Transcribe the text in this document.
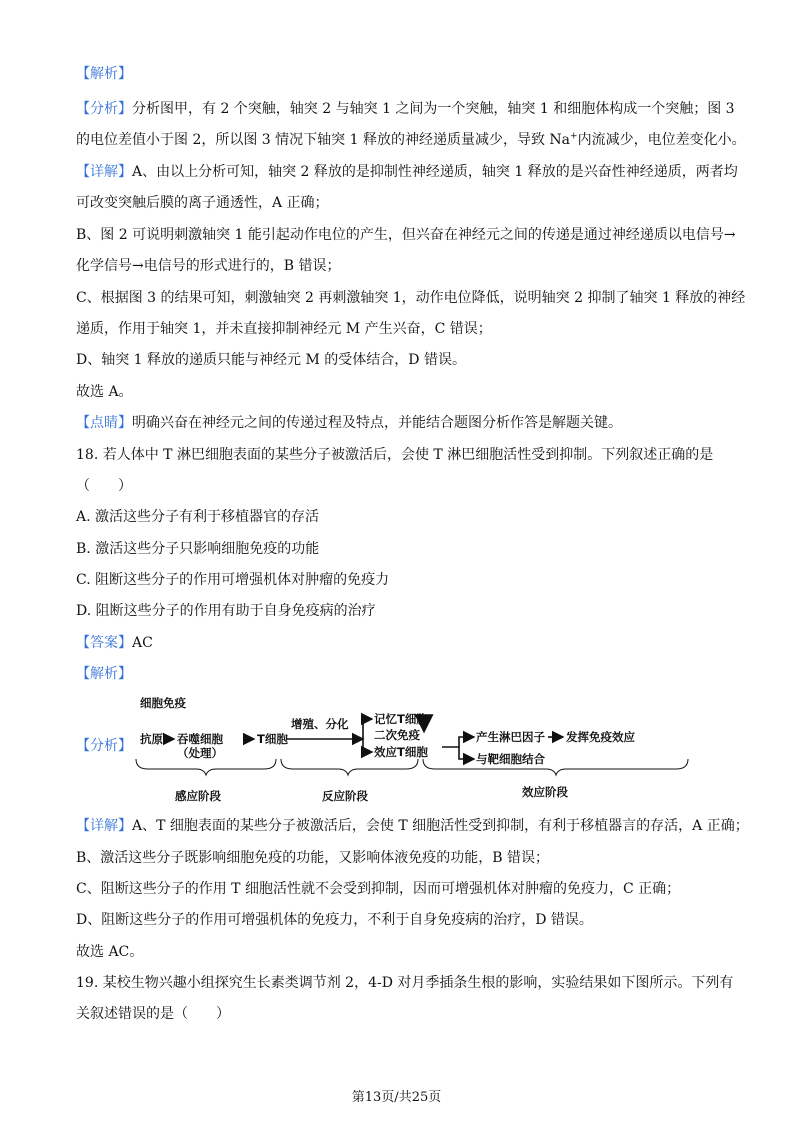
【解析】
【分析】分析图甲，有 2 个突触，轴突 2 与轴突 1 之间为一个突触，轴突 1 和细胞体构成一个突触；图 3
的电位差值小于图 2，所以图 3 情况下轴突 1 释放的神经递质量减少，导致 Na+内流减少，电位差变化小。
【详解】A、由以上分析可知，轴突 2 释放的是抑制性神经递质，轴突 1 释放的是兴奋性神经递质，两者均
可改变突触后膜的离子通透性，A 正确；
B、图 2 可说明刺激轴突 1 能引起动作电位的产生，但兴奋在神经元之间的传递是通过神经递质以电信号→
化学信号→电信号的形式进行的，B 错误；
C、根据图 3 的结果可知，刺激轴突 2 再刺激轴突 1，动作电位降低，说明轴突 2 抑制了轴突 1 释放的神经
递质，作用于轴突 1，并未直接抑制神经元 M 产生兴奋，C 错误；
D、轴突 1 释放的递质只能与神经元 M 的受体结合，D 错误。
故选 A。
【点睛】明确兴奋在神经元之间的传递过程及特点，并能结合题图分析作答是解题关键。
18. 若人体中 T 淋巴细胞表面的某些分子被激活后，会使 T 淋巴细胞活性受到抑制。下列叙述正确的是
（　　）
A. 激活这些分子有利于移植器官的存活
B. 激活这些分子只影响细胞免疫的功能
C. 阻断这些分子的作用可增强机体对肿瘤的免疫力
D. 阻断这些分子的作用有助于自身免疫病的治疗
【答案】AC
【解析】
【分析】
细胞免疫
抗原 吞噬细胞
（处理）
T细胞
增殖、分化 记忆T细胞
二次免疫
效应T细胞
产生淋巴因子 发挥免疫效应
与靶细胞结合
感应阶段	反应阶段	效应阶段
【详解】A、T 细胞表面的某些分子被激活后，会使 T 细胞活性受到抑制，有利于移植器言的存活，A 正确；
B、激活这些分子既影响细胞免疫的功能，又影响体液免疫的功能，B 错误；
C、阻断这些分子的作用 T 细胞活性就不会受到抑制，因而可增强机体对肿瘤的免疫力，C 正确；
D、阻断这些分子的作用可增强机体的免疫力，不利于自身免疫病的治疗，D 错误。
故选 AC。
19. 某校生物兴趣小组探究生长素类调节剂 2，4-D 对月季插条生根的影响，实验结果如下图所示。下列有
关叙述错误的是（　　）
第13页/共25页
